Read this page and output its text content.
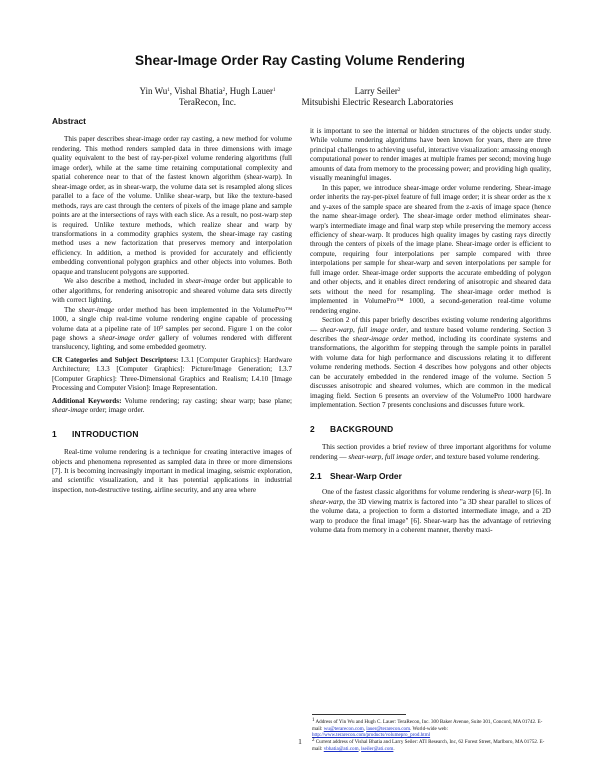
Shear-Image Order Ray Casting Volume Rendering
Yin Wu$^1$, Vishal Bhatia$^2$, Hugh Lauer$^1$
TeraRecon, Inc.
Larry Seiler$^2$
Mitsubishi Electric Research Laboratories
Abstract

This paper describes shear-image order ray casting, a new method for volume rendering. This method renders sampled data in three dimensions with image quality equivalent to the best of ray-per-pixel volume rendering algorithms (full image order), while at the same time retaining computational complexity and spatial coherence near to that of the fastest known algorithm (shear-warp). In shear-image order, as in shear-warp, the volume data set is resampled along slices parallel to a face of the volume. Unlike shear-warp, but like the texture-based methods, rays are cast through the centers of pixels of the image plane and sample points are at the intersections of rays with each slice. As a result, no post-warp step is required. Unlike texture methods, which realize shear and warp by transformations in a commodity graphics system, the shear-image ray casting method uses a new factorization that preserves memory and interpolation efficiency. In addition, a method is provided for accurately and efficiently embedding conventional polygon graphics and other objects into volumes. Both opaque and translucent polygons are supported.

We also describe a method, included in shear-image order but applicable to other algorithms, for rendering anisotropic and sheared volume data sets directly with correct lighting.

The shear-image order method has been implemented in the VolumePro™ 1000, a single chip real-time volume rendering engine capable of processing volume data at a pipeline rate of $10^9$ samples per second. Figure 1 on the color page shows a shear-image order gallery of volumes rendered with different translucency, lighting, and some embedded geometry.

CR Categories and Subject Descriptors: I.3.1 [Computer Graphics]: Hardware Architecture; I.3.3 [Computer Graphics]: Picture/Image Generation; I.3.7 [Computer Graphics]: Three-Dimensional Graphics and Realism; I.4.10 [Image Processing and Computer Vision]: Image Representation.

Additional Keywords: Volume rendering; ray casting; shear warp; base plane; shear-image order; image order.

1 INTRODUCTION

Real-time volume rendering is a technique for creating interactive images of objects and phenomena represented as sampled data in three or more dimensions [7]. It is becoming increasingly important in medical imaging, seismic exploration, and scientific visualization, and it has potential applications in industrial inspection, non-destructive testing, airline security, and any area where

it is important to see the internal or hidden structures of the objects under study. While volume rendering algorithms have been known for years, there are three principal challenges to achieving useful, interactive visualization: amassing enough computational power to render images at multiple frames per second; moving huge amounts of data from memory to the processing power; and providing high quality, visually meaningful images.

In this paper, we introduce shear-image order volume rendering. Shear-image order inherits the ray-per-pixel feature of full image order; it is shear order as the x and y-axes of the sample space are sheared from the z-axis of image space (hence the name shear-image order). The shear-image order method eliminates shear-warp's intermediate image and final warp step while preserving the memory access efficiency of shear-warp. It produces high quality images by casting rays directly through the centers of pixels of the image plane. Shear-image order is efficient to compute, requiring four interpolations per sample compared with three interpolations per sample for shear-warp and seven interpolations per sample for full image order. Shear-image order supports the accurate embedding of polygon and other objects, and it enables direct rendering of anisotropic and sheared data sets without the need for resampling. The shear-image order method is implemented in VolumePro™ 1000, a second-generation real-time volume rendering engine.

Section 2 of this paper briefly describes existing volume rendering algorithms — shear-warp, full image order, and texture based volume rendering. Section 3 describes the shear-image order method, including its coordinate systems and transformations, the algorithm for stepping through the sample points in parallel with volume data for high performance and discussions relating it to different volume rendering methods. Section 4 describes how polygons and other objects can be accurately embedded in the rendered image of the volume. Section 5 discusses anisotropic and sheared volumes, which are common in the medical imaging field. Section 6 presents an overview of the VolumePro 1000 hardware implementation. Section 7 presents conclusions and discusses future work.

2 BACKGROUND

This section provides a brief review of three important algorithms for volume rendering — shear-warp, full image order, and texture based volume rendering.

2.1 Shear-Warp Order

One of the fastest classic algorithms for volume rendering is shear-warp [6]. In shear-warp, the 3D viewing matrix is factored into "a 3D shear parallel to slices of the volume data, a projection to form a distorted intermediate image, and a 2D warp to produce the final image" [6]. Shear-warp has the advantage of retrieving volume data from memory in a coherent manner, thereby maxi-

$^1$ Address of Yin Wu and Hugh C. Lauer: TeraRecon, Inc. 300 Baker Avenue, Suite 301, Concord, MA 01742. E-mail: wu@terarecon.com, lauer@terarecon.com. World-wide web: http://www.terarecon.com/products/volumepro_prod.html

$^2$ Current address of Vishal Bhatia and Larry Seiler: ATI Research, Inc, 62 Forest Street, Marlboro, MA 01752. E-mail: vbhatia@ati.com, lseiler@ati.com.

1
